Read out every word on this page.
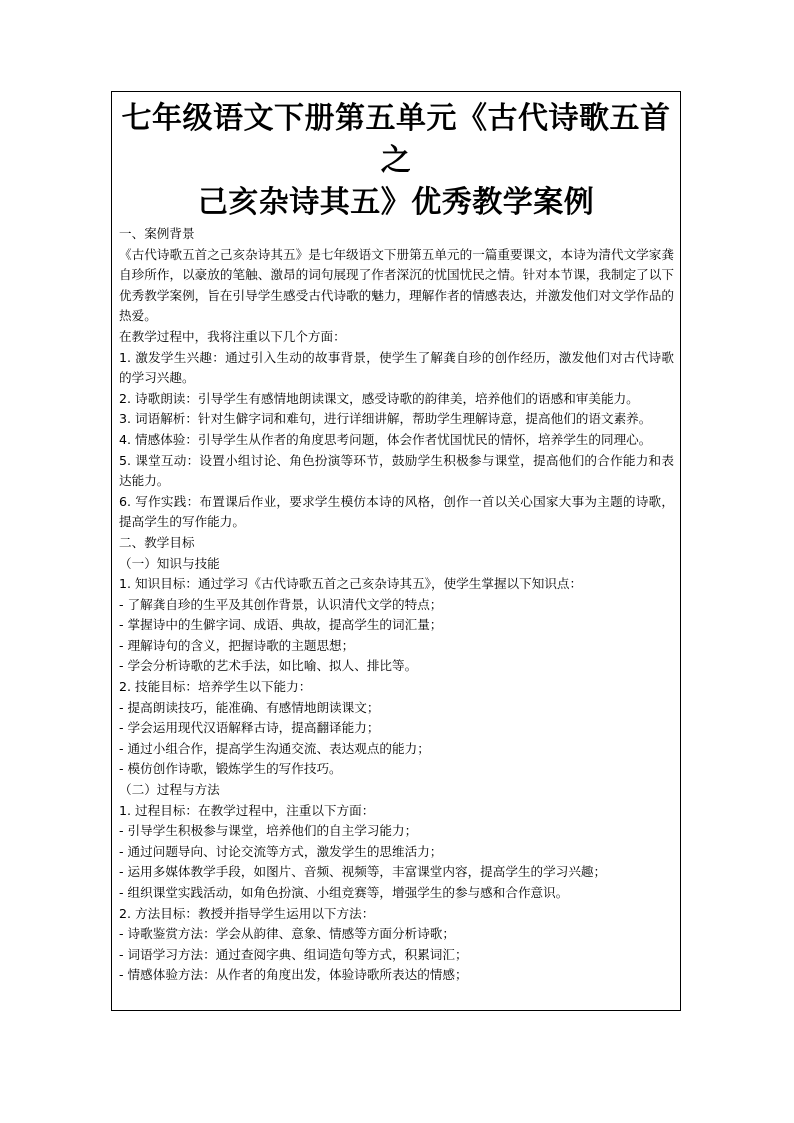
七年级语文下册第五单元《古代诗歌五首之
己亥杂诗其五》优秀教学案例
一、案例背景
《古代诗歌五首之己亥杂诗其五》是七年级语文下册第五单元的一篇重要课文，本诗为清代文学家龚自珍所作，以豪放的笔触、激昂的词句展现了作者深沉的忧国忧民之情。针对本节课，我制定了以下优秀教学案例，旨在引导学生感受古代诗歌的魅力，理解作者的情感表达，并激发他们对文学作品的热爱。
在教学过程中，我将注重以下几个方面：
1. 激发学生兴趣：通过引入生动的故事背景，使学生了解龚自珍的创作经历，激发他们对古代诗歌的学习兴趣。
2. 诗歌朗读：引导学生有感情地朗读课文，感受诗歌的韵律美，培养他们的语感和审美能力。
3. 词语解析：针对生僻字词和难句，进行详细讲解，帮助学生理解诗意，提高他们的语文素养。
4. 情感体验：引导学生从作者的角度思考问题，体会作者忧国忧民的情怀，培养学生的同理心。
5. 课堂互动：设置小组讨论、角色扮演等环节，鼓励学生积极参与课堂，提高他们的合作能力和表达能力。
6. 写作实践：布置课后作业，要求学生模仿本诗的风格，创作一首以关心国家大事为主题的诗歌，提高学生的写作能力。
二、教学目标
（一）知识与技能
1. 知识目标：通过学习《古代诗歌五首之己亥杂诗其五》，使学生掌握以下知识点：
- 了解龚自珍的生平及其创作背景，认识清代文学的特点；
- 掌握诗中的生僻字词、成语、典故，提高学生的词汇量；
- 理解诗句的含义，把握诗歌的主题思想；
- 学会分析诗歌的艺术手法，如比喻、拟人、排比等。
2. 技能目标：培养学生以下能力：
- 提高朗读技巧，能准确、有感情地朗读课文；
- 学会运用现代汉语解释古诗，提高翻译能力；
- 通过小组合作，提高学生沟通交流、表达观点的能力；
- 模仿创作诗歌，锻炼学生的写作技巧。
（二）过程与方法
1. 过程目标：在教学过程中，注重以下方面：
- 引导学生积极参与课堂，培养他们的自主学习能力；
- 通过问题导向、讨论交流等方式，激发学生的思维活力；
- 运用多媒体教学手段，如图片、音频、视频等，丰富课堂内容，提高学生的学习兴趣；
- 组织课堂实践活动，如角色扮演、小组竞赛等，增强学生的参与感和合作意识。
2. 方法目标：教授并指导学生运用以下方法：
- 诗歌鉴赏方法：学会从韵律、意象、情感等方面分析诗歌；
- 词语学习方法：通过查阅字典、组词造句等方式，积累词汇；
- 情感体验方法：从作者的角度出发，体验诗歌所表达的情感；
